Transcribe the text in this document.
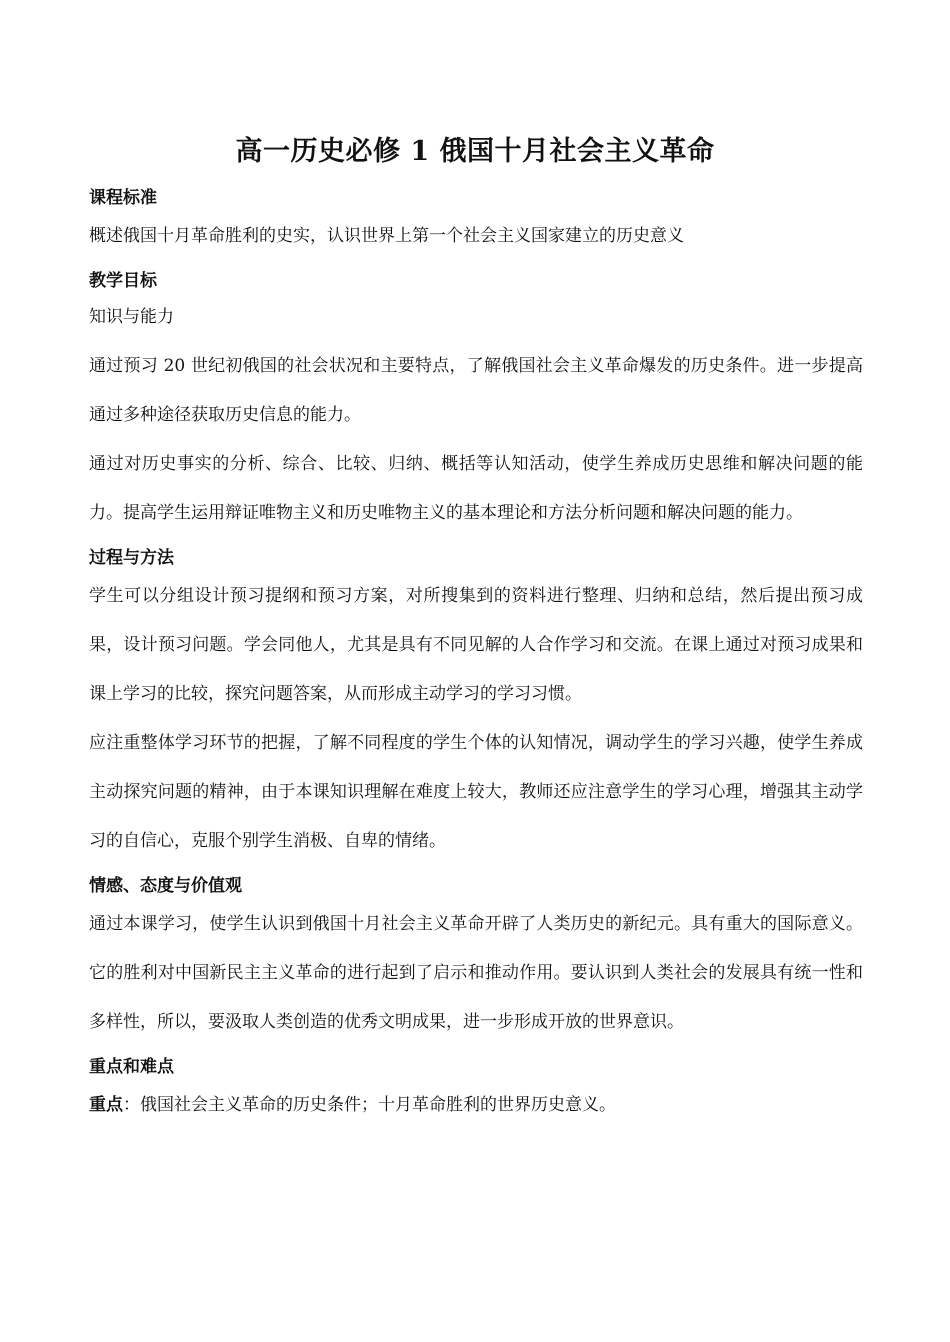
高一历史必修 1 俄国十月社会主义革命
课程标准

概述俄国十月革命胜利的史实，认识世界上第一个社会主义国家建立的历史意义

教学目标

知识与能力

通过预习 20 世纪初俄国的社会状况和主要特点，了解俄国社会主义革命爆发的历史条件。进一步提高通过多种途径获取历史信息的能力。

通过对历史事实的分析、综合、比较、归纳、概括等认知活动，使学生养成历史思维和解决问题的能力。提高学生运用辩证唯物主义和历史唯物主义的基本理论和方法分析问题和解决问题的能力。

过程与方法

学生可以分组设计预习提纲和预习方案，对所搜集到的资料进行整理、归纳和总结，然后提出预习成果，设计预习问题。学会同他人，尤其是具有不同见解的人合作学习和交流。在课上通过对预习成果和课上学习的比较，探究问题答案，从而形成主动学习的学习习惯。

应注重整体学习环节的把握，了解不同程度的学生个体的认知情况，调动学生的学习兴趣，使学生养成主动探究问题的精神，由于本课知识理解在难度上较大，教师还应注意学生的学习心理，增强其主动学习的自信心，克服个别学生消极、自卑的情绪。

情感、态度与价值观

通过本课学习，使学生认识到俄国十月社会主义革命开辟了人类历史的新纪元。具有重大的国际意义。它的胜利对中国新民主主义革命的进行起到了启示和推动作用。要认识到人类社会的发展具有统一性和多样性，所以，要汲取人类创造的优秀文明成果，进一步形成开放的世界意识。

重点和难点

重点：俄国社会主义革命的历史条件；十月革命胜利的世界历史意义。
